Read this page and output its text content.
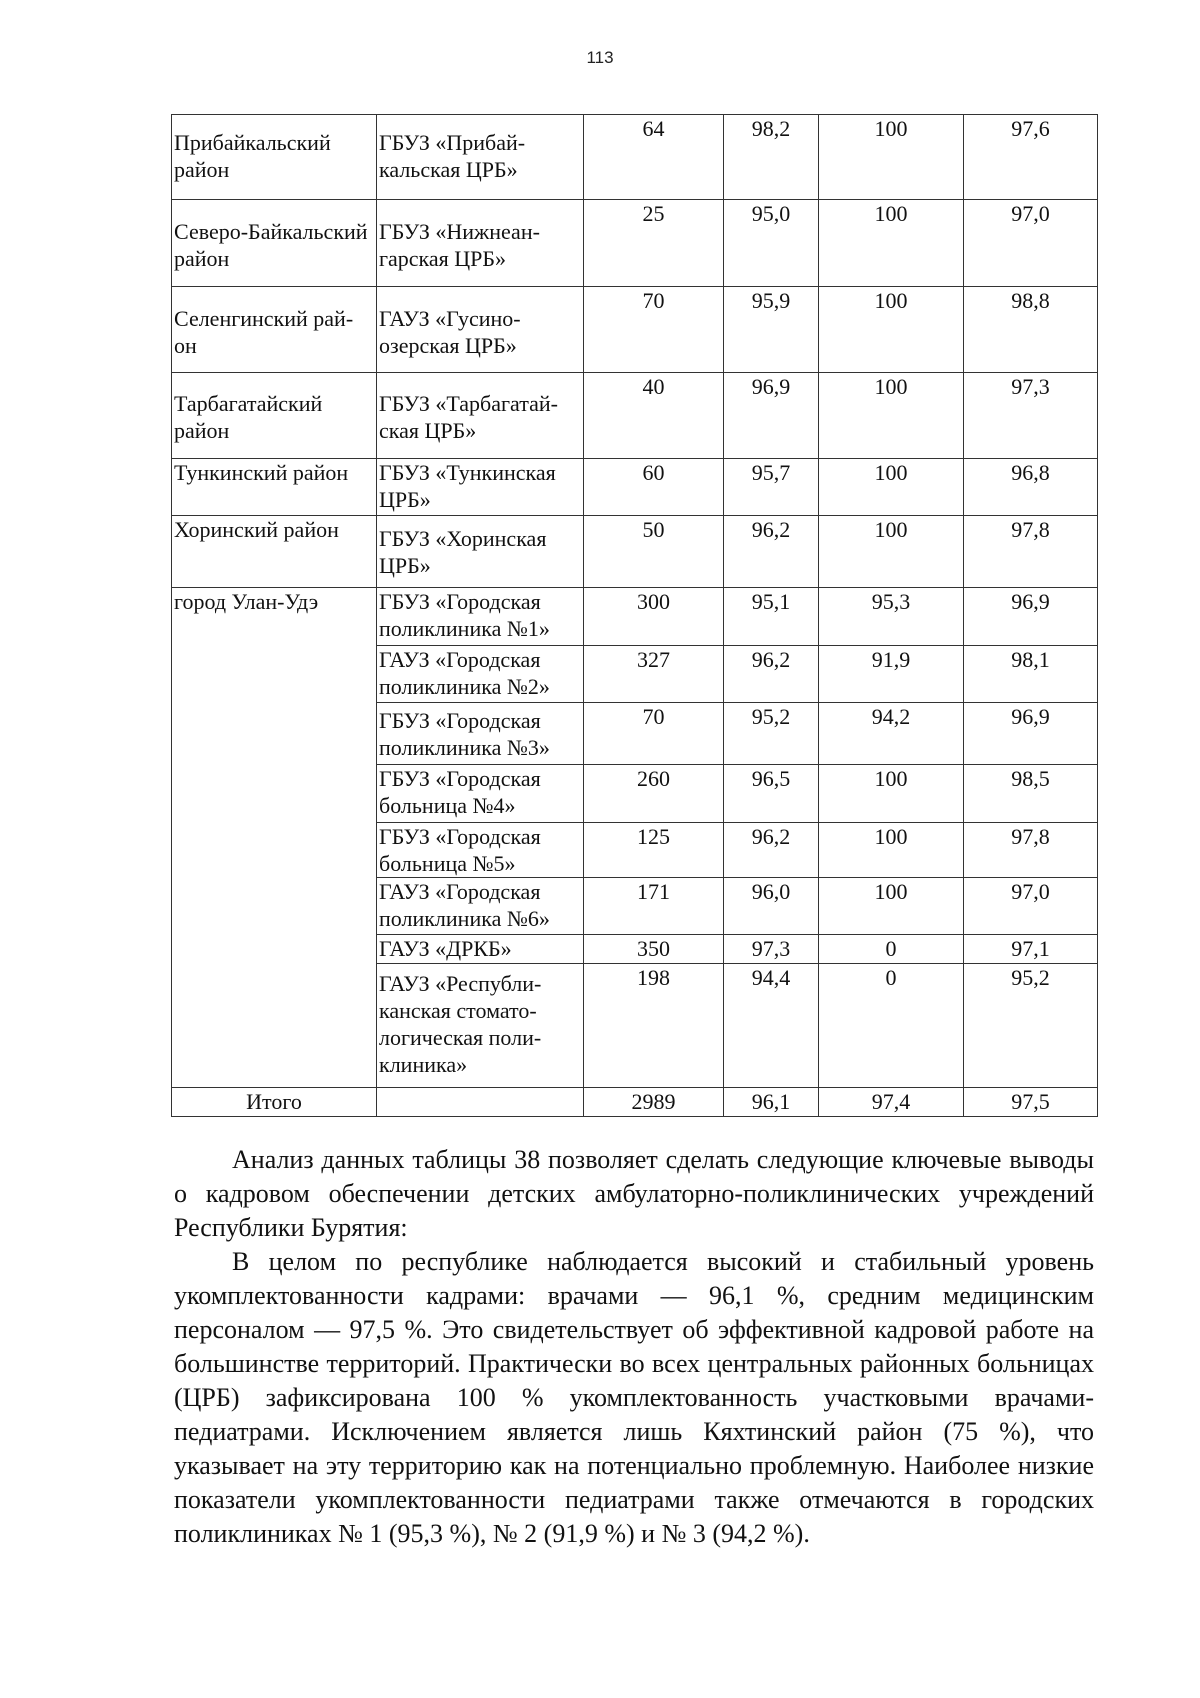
113
Прибайкальский район	ГБУЗ «Прибай-кальская ЦРБ»	64	98,2	100	97,6

Северо-Байкальский район	ГБУЗ «Нижнеан-гарская ЦРБ»	25	95,0	100	97,0

Селенгинский рай-он	ГАУЗ «Гусино-озерская ЦРБ»	70	95,9	100	98,8

Тарбагатайский район	ГБУЗ «Тарбагатай-ская ЦРБ»	40	96,9	100	97,3
Тункинский район	ГБУЗ «Тункинская ЦРБ»	60	95,7	100	96,8
Хоринский район	ГБУЗ «Хоринская ЦРБ»	50	96,2	100	97,8
город Улан-Удэ	ГБУЗ «Городская поликлиника №1»	300	95,1	95,3	96,9
	ГАУЗ «Городская поликлиника №2»	327	96,2	91,9	98,1

	ГБУЗ «Городская поликлиника №3»	70	95,2	94,2	96,9
	ГБУЗ «Городская больница №4»	260	96,5	100	98,5
	ГБУЗ «Городская больница №5»	125	96,2	100	97,8
	ГАУЗ «Городская поликлиника №6»	171	96,0	100	97,0
	ГАУЗ «ДРКБ»	350	97,3	0	97,1

	ГАУЗ «Республи-канская стомато-логическая поли-клиника»	198	94,4	0	95,2
Итого		2989	96,1	97,4	97,5

Анализ данных таблицы 38 позволяет сделать следующие ключевые выводы о кадровом обеспечении детских амбулаторно-поликлинических учреждений Республики Бурятия:

В целом по республике наблюдается высокий и стабильный уровень укомплектованности кадрами: врачами — 96,1 %, средним медицинским персоналом — 97,5 %. Это свидетельствует об эффективной кадровой работе на большинстве территорий. Практически во всех центральных районных больницах (ЦРБ) зафиксирована 100 % укомплектованность участковыми врачами-педиатрами. Исключением является лишь Кяхтинский район (75 %), что указывает на эту территорию как на потенциально проблемную. Наиболее низкие показатели укомплектованности педиатрами также отмечаются в городских поликлиниках № 1 (95,3 %), № 2 (91,9 %) и № 3 (94,2 %).
